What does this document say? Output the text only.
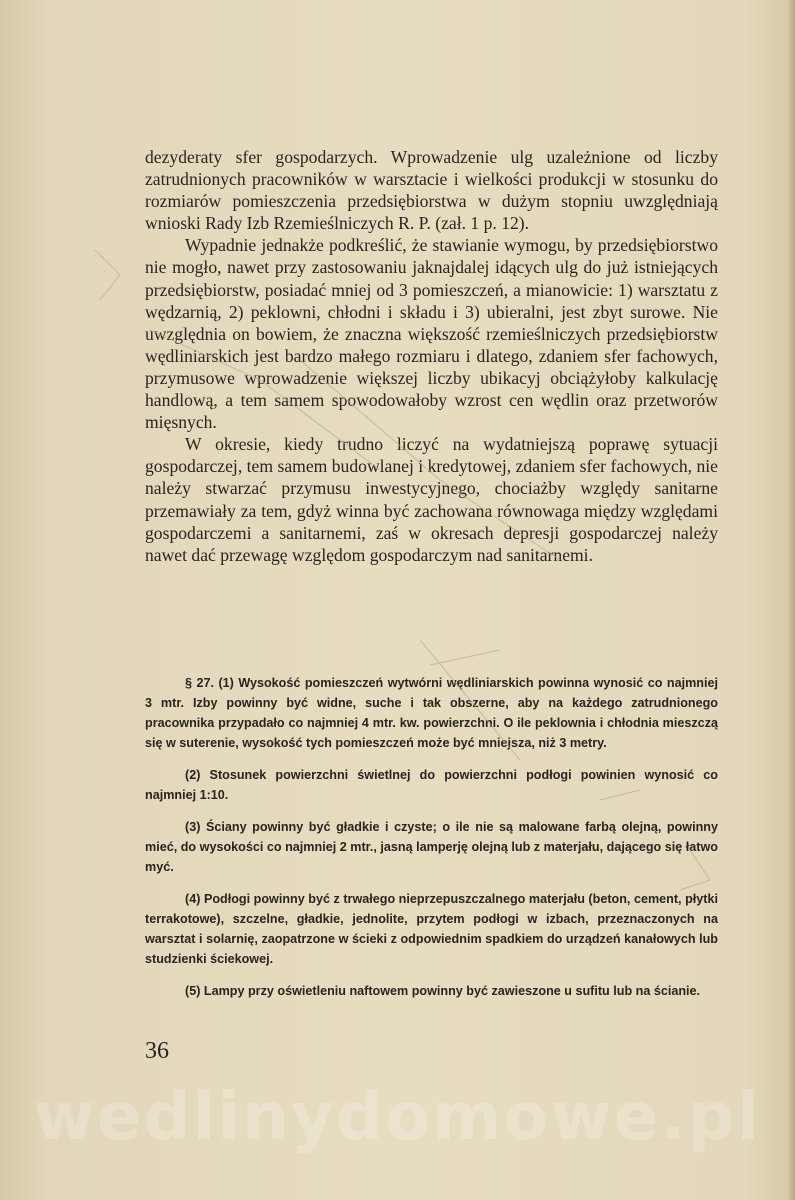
dezyderaty sfer gospodarzych. Wprowadzenie ulg uzależnione od liczby zatrudnionych pracowników w warsztacie i wielkości produkcji w stosunku do rozmiarów pomieszczenia przedsiębiorstwa w dużym stopniu uwzględniają wnioski Rady Izb Rzemieślniczych R. P. (zał. 1 p. 12).

Wypadnie jednakże podkreślić, że stawianie wymogu, by przedsiębiorstwo nie mogło, nawet przy zastosowaniu jaknajdalej idących ulg do już istniejących przedsiębiorstw, posiadać mniej od 3 pomieszczeń, a mianowicie: 1) warsztatu z wędzarnią, 2) peklowni, chłodni i składu i 3) ubieralni, jest zbyt surowe. Nie uwzględnia on bowiem, że znaczna większość rzemieślniczych przedsiębiorstw wędliniarskich jest bardzo małego rozmiaru i dlatego, zdaniem sfer fachowych, przymusowe wprowadzenie większej liczby ubikacyj obciążyłoby kalkulację handlową, a tem samem spowodowałoby wzrost cen wędlin oraz przetworów mięsnych.

W okresie, kiedy trudno liczyć na wydatniejszą poprawę sytuacji gospodarczej, tem samem budowlanej i kredytowej, zdaniem sfer fachowych, nie należy stwarzać przymusu inwestycyjnego, chociażby względy sanitarne przemawiały za tem, gdyż winna być zachowana równowaga między względami gospodarczemi a sanitarnemi, zaś w okresach depresji gospodarczej należy nawet dać przewagę względom gospodarczym nad sanitarnemi.

§ 27. (1) Wysokość pomieszczeń wytwórni wędliniarskich powinna wynosić co najmniej 3 mtr. Izby powinny być widne, suche i tak obszerne, aby na każdego zatrudnionego pracownika przypadało co najmniej 4 mtr. kw. powierzchni. O ile peklownia i chłodnia mieszczą się w suterenie, wysokość tych pomieszczeń może być mniejsza, niż 3 metry.

(2) Stosunek powierzchni świetlnej do powierzchni podłogi powinien wynosić co najmniej 1:10.

(3) Ściany powinny być gładkie i czyste; o ile nie są malowane farbą olejną, powinny mieć, do wysokości co najmniej 2 mtr., jasną lamperję olejną lub z materjału, dającego się łatwo myć.

(4) Podłogi powinny być z trwałego nieprzepuszczalnego materjału (beton, cement, płytki terrakotowe), szczelne, gładkie, jednolite, przytem podłogi w izbach, przeznaczonych na warsztat i solarnię, zaopatrzone w ścieki z odpowiednim spadkiem do urządzeń kanałowych lub studzienki ściekowej.

(5) Lampy przy oświetleniu naftowem powinny być zawieszone u sufitu lub na ścianie.

36
wedlinydomowe.pl
